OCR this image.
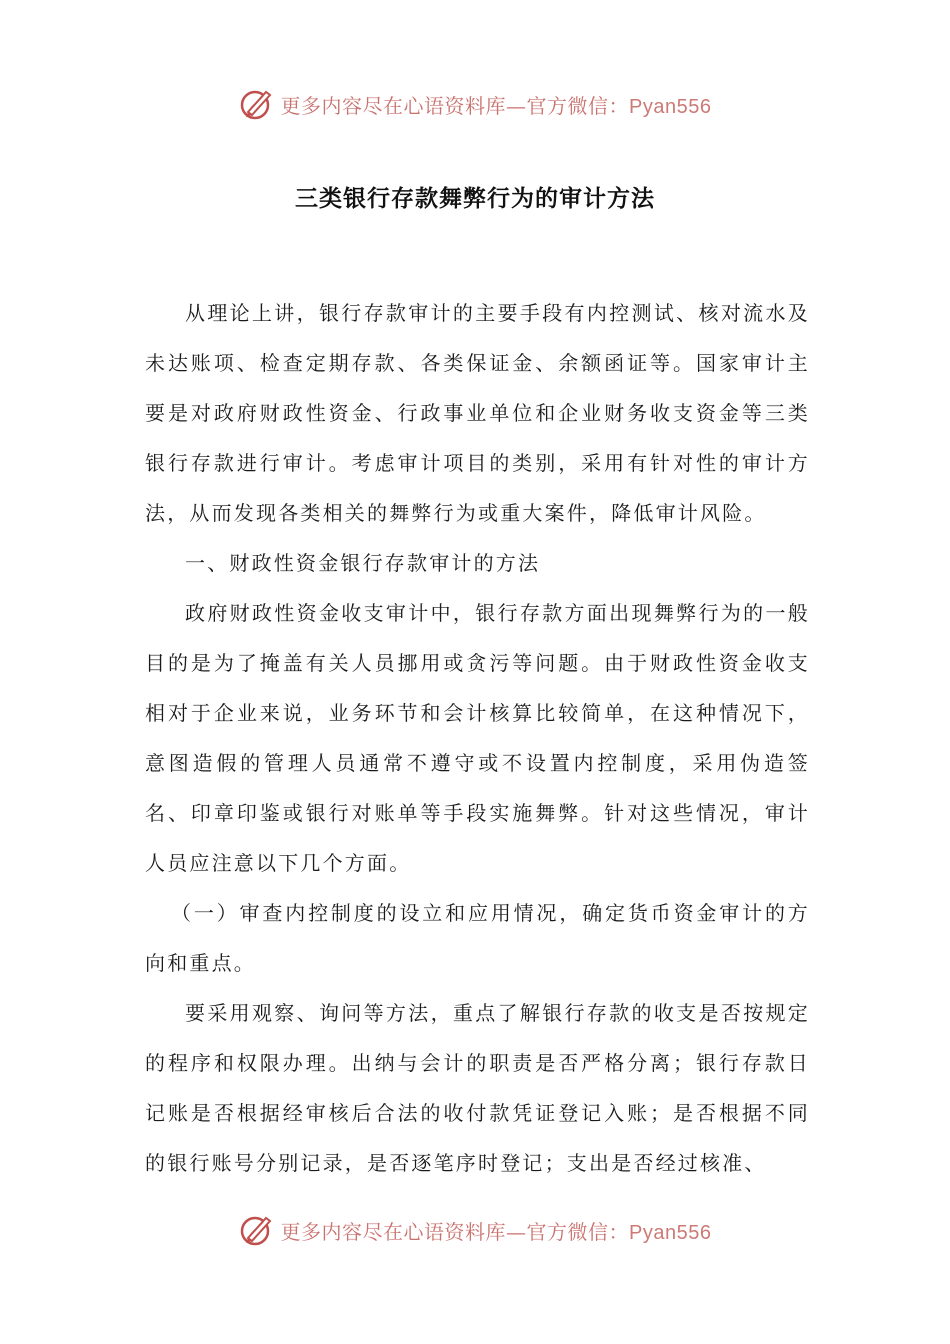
更多内容尽在心语资料库—官方微信：Pyan556
三类银行存款舞弊行为的审计方法

从理论上讲，银行存款审计的主要手段有内控测试、核对流水及未达账项、检查定期存款、各类保证金、余额函证等。国家审计主要是对政府财政性资金、行政事业单位和企业财务收支资金等三类银行存款进行审计。考虑审计项目的类别，采用有针对性的审计方法，从而发现各类相关的舞弊行为或重大案件，降低审计风险。

一、财政性资金银行存款审计的方法

政府财政性资金收支审计中，银行存款方面出现舞弊行为的一般目的是为了掩盖有关人员挪用或贪污等问题。由于财政性资金收支相对于企业来说，业务环节和会计核算比较简单，在这种情况下，意图造假的管理人员通常不遵守或不设置内控制度，采用伪造签名、印章印鉴或银行对账单等手段实施舞弊。针对这些情况，审计人员应注意以下几个方面。

（一）审查内控制度的设立和应用情况，确定货币资金审计的方向和重点。

要采用观察、询问等方法，重点了解银行存款的收支是否按规定的程序和权限办理。出纳与会计的职责是否严格分离；银行存款日记账是否根据经审核后合法的收付款凭证登记入账；是否根据不同的银行账号分别记录，是否逐笔序时登记；支出是否经过核准、

更多内容尽在心语资料库—官方微信：Pyan556
